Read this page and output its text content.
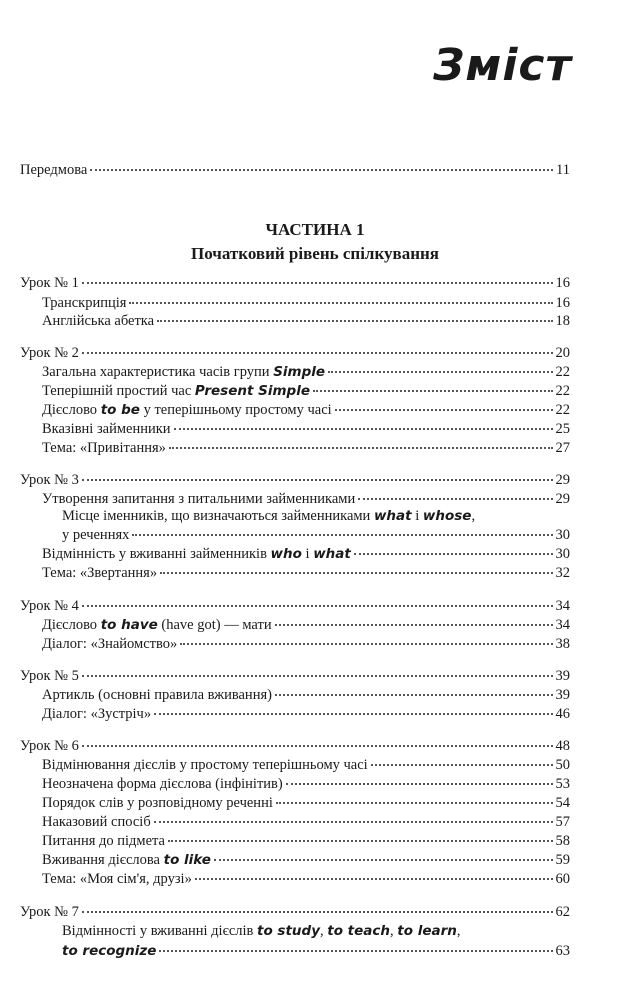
Зміст
Передмова	11
ЧАСТИНА 1
Початковий рівень спілкування
Урок № 1	16
Транскрипція	16
Англійська абетка	18
Урок № 2	20
Загальна характеристика часів групи Simple	22
Теперішній простий час Present Simple	22
Дієслово to be у теперішньому простому часі	22
Вказівні займенники	25
Тема: «Привітання»	27
Урок № 3	29
Утворення запитання з питальними займенниками	29
Місце іменників, що визначаються займенниками what і whose,
у реченнях	30
Відмінність у вживанні займенників who і what	30
Тема: «Звертання»	32
Урок № 4	34
Дієслово to have (have got) — мати	34
Діалог: «Знайомство»	38
Урок № 5	39
Артикль (основні правила вживання)	39
Діалог: «Зустріч»	46
Урок № 6	48
Відмінювання дієслів у простому теперішньому часі	50
Неозначена форма дієслова (інфінітив)	53
Порядок слів у розповідному реченні	54
Наказовий спосіб	57
Питання до підмета	58
Вживання дієслова to like	59
Тема: «Моя сім'я, друзі»	60
Урок № 7	62
Відмінності у вживанні дієслів to study, to teach, to learn,
to recognize	63
